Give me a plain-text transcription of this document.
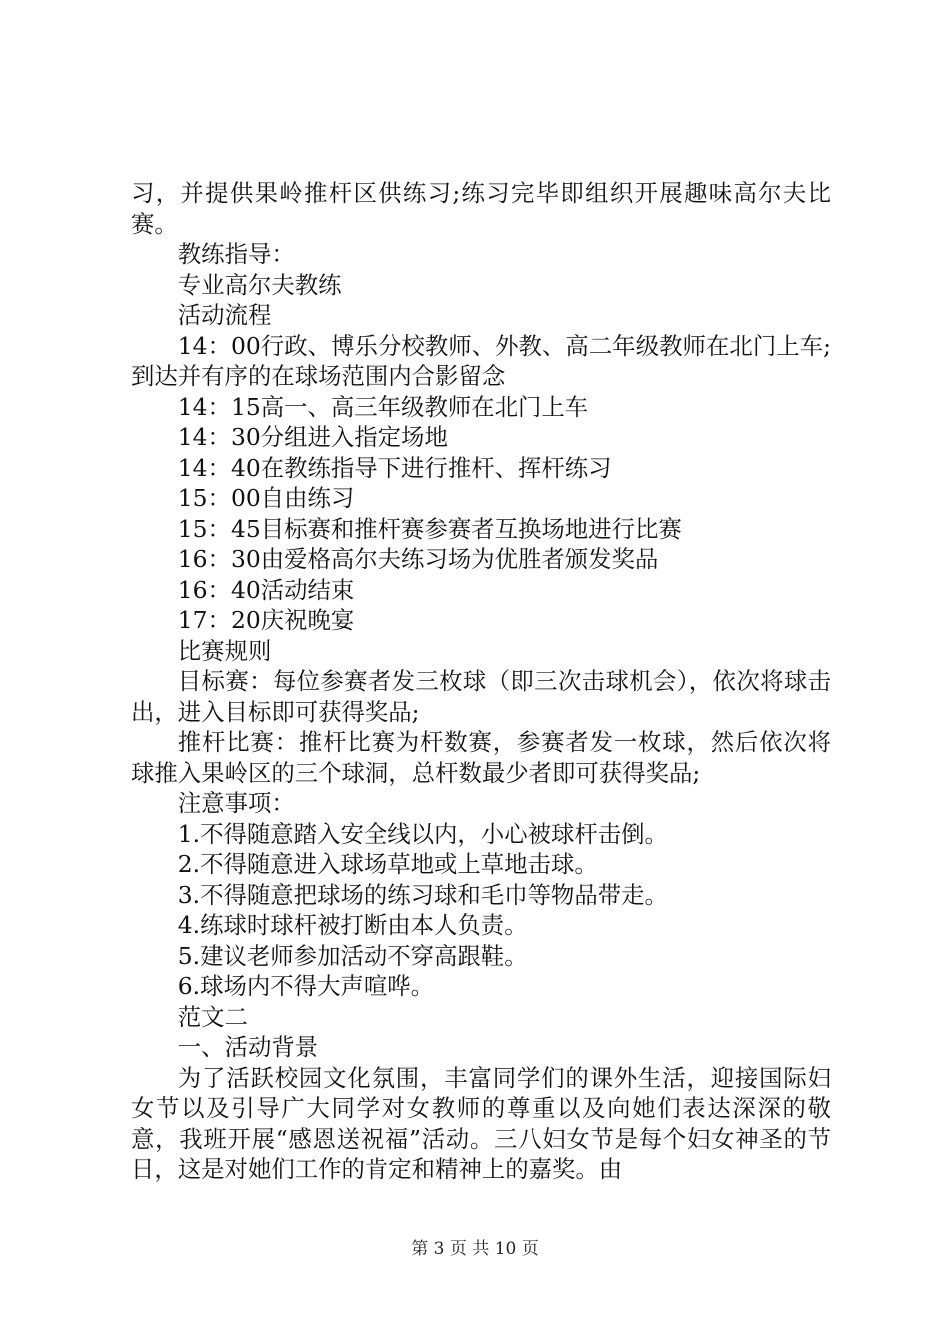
习，并提供果岭推杆区供练习;练习完毕即组织开展趣味高尔夫比赛。

教练指导：

专业高尔夫教练

活动流程

14：00行政、博乐分校教师、外教、高二年级教师在北门上车;到达并有序的在球场范围内合影留念

14：15高一、高三年级教师在北门上车

14：30分组进入指定场地

14：40在教练指导下进行推杆、挥杆练习

15：00自由练习

15：45目标赛和推杆赛参赛者互换场地进行比赛

16：30由爱格高尔夫练习场为优胜者颁发奖品

16：40活动结束

17：20庆祝晚宴

比赛规则

目标赛：每位参赛者发三枚球（即三次击球机会），依次将球击出，进入目标即可获得奖品;

推杆比赛：推杆比赛为杆数赛，参赛者发一枚球，然后依次将球推入果岭区的三个球洞，总杆数最少者即可获得奖品;

注意事项：

1.不得随意踏入安全线以内，小心被球杆击倒。

2.不得随意进入球场草地或上草地击球。

3.不得随意把球场的练习球和毛巾等物品带走。

4.练球时球杆被打断由本人负责。

5.建议老师参加活动不穿高跟鞋。

6.球场内不得大声喧哗。

范文二

一、活动背景

为了活跃校园文化氛围，丰富同学们的课外生活，迎接国际妇女节以及引导广大同学对女教师的尊重以及向她们表达深深的敬意，我班开展“感恩送祝福”活动。三八妇女节是每个妇女神圣的节日，这是对她们工作的肯定和精神上的嘉奖。由

第 3 页 共 10 页
